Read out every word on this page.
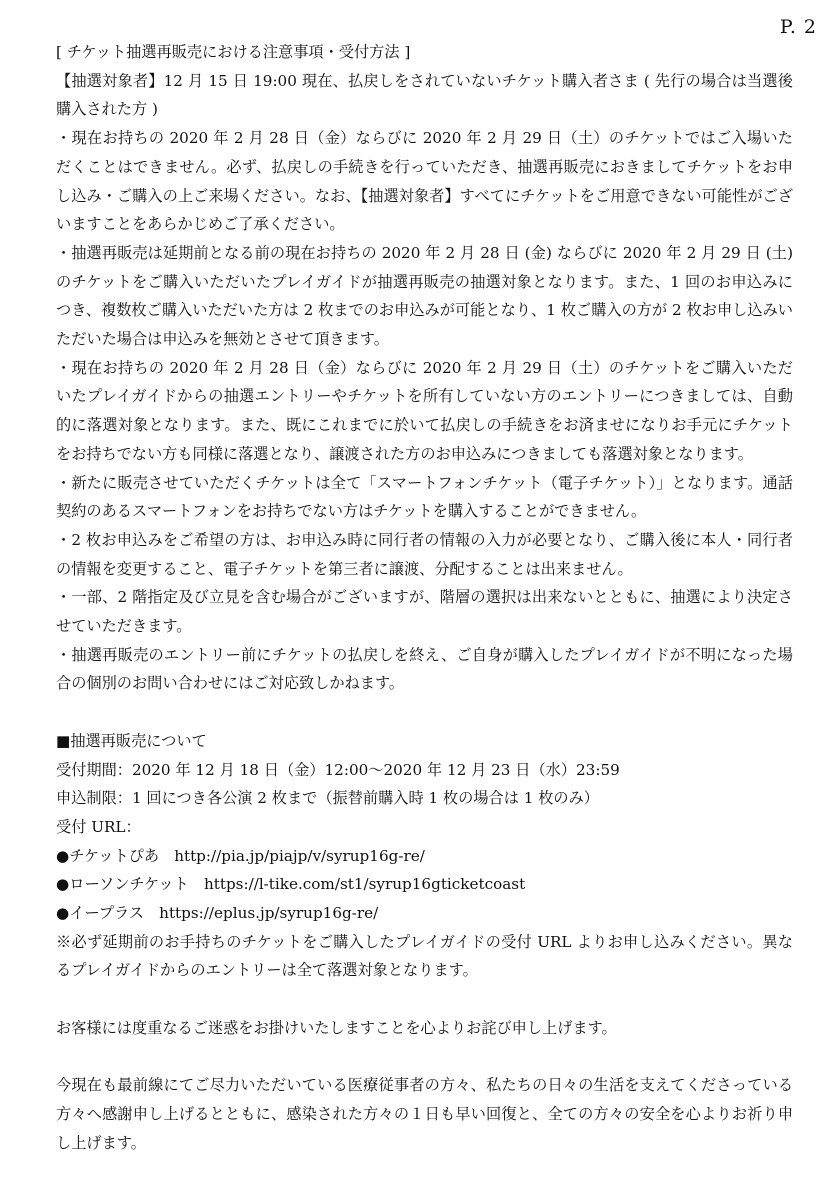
P. 2

[ チケット抽選再販売における注意事項・受付方法 ]

【抽選対象者】12 月 15 日 19:00 現在、払戻しをされていないチケット購入者さま ( 先行の場合は当選後購入された方 )

・現在お持ちの 2020 年 2 月 28 日（金）ならびに 2020 年 2 月 29 日（土）のチケットではご入場いただくことはできません。必ず、払戻しの手続きを行っていただき、抽選再販売におきましてチケットをお申し込み・ご購入の上ご来場ください。なお、【抽選対象者】すべてにチケットをご用意できない可能性がございますことをあらかじめご了承ください。

・抽選再販売は延期前となる前の現在お持ちの 2020 年 2 月 28 日 (金) ならびに 2020 年 2 月 29 日 (土) のチケットをご購入いただいたプレイガイドが抽選再販売の抽選対象となります。また、1 回のお申込みにつき、複数枚ご購入いただいた方は 2 枚までのお申込みが可能となり、1 枚ご購入の方が 2 枚お申し込みいただいた場合は申込みを無効とさせて頂きます。

・現在お持ちの 2020 年 2 月 28 日（金）ならびに 2020 年 2 月 29 日（土）のチケットをご購入いただいたプレイガイドからの抽選エントリーやチケットを所有していない方のエントリーにつきましては、自動的に落選対象となります。また、既にこれまでに於いて払戻しの手続きをお済ませになりお手元にチケットをお持ちでない方も同様に落選となり、譲渡された方のお申込みにつきましても落選対象となります。

・新たに販売させていただくチケットは全て「スマートフォンチケット（電子チケット）」となります。通話契約のあるスマートフォンをお持ちでない方はチケットを購入することができません。

・2 枚お申込みをご希望の方は、お申込み時に同行者の情報の入力が必要となり、ご購入後に本人・同行者の情報を変更すること、電子チケットを第三者に譲渡、分配することは出来ません。

・一部、2 階指定及び立見を含む場合がございますが、階層の選択は出来ないとともに、抽選により決定させていただきます。

・抽選再販売のエントリー前にチケットの払戻しを終え、ご自身が購入したプレイガイドが不明になった場合の個別のお問い合わせにはご対応致しかねます。

■抽選再販売について

受付期間：2020 年 12 月 18 日（金）12:00〜2020 年 12 月 23 日（水）23:59

申込制限：1 回につき各公演 2 枚まで（振替前購入時 1 枚の場合は 1 枚のみ）

受付 URL：

●チケットぴあ　http://pia.jp/piajp/v/syrup16g-re/

●ローソンチケット　https://l-tike.com/st1/syrup16gticketcoast

●イープラス　https://eplus.jp/syrup16g-re/

※必ず延期前のお手持ちのチケットをご購入したプレイガイドの受付 URL よりお申し込みください。異なるプレイガイドからのエントリーは全て落選対象となります。

お客様には度重なるご迷惑をお掛けいたしますことを心よりお詫び申し上げます。

今現在も最前線にてご尽力いただいている医療従事者の方々、私たちの日々の生活を支えてくださっている方々へ感謝申し上げるとともに、感染された方々の１日も早い回復と、全ての方々の安全を心よりお祈り申し上げます。
